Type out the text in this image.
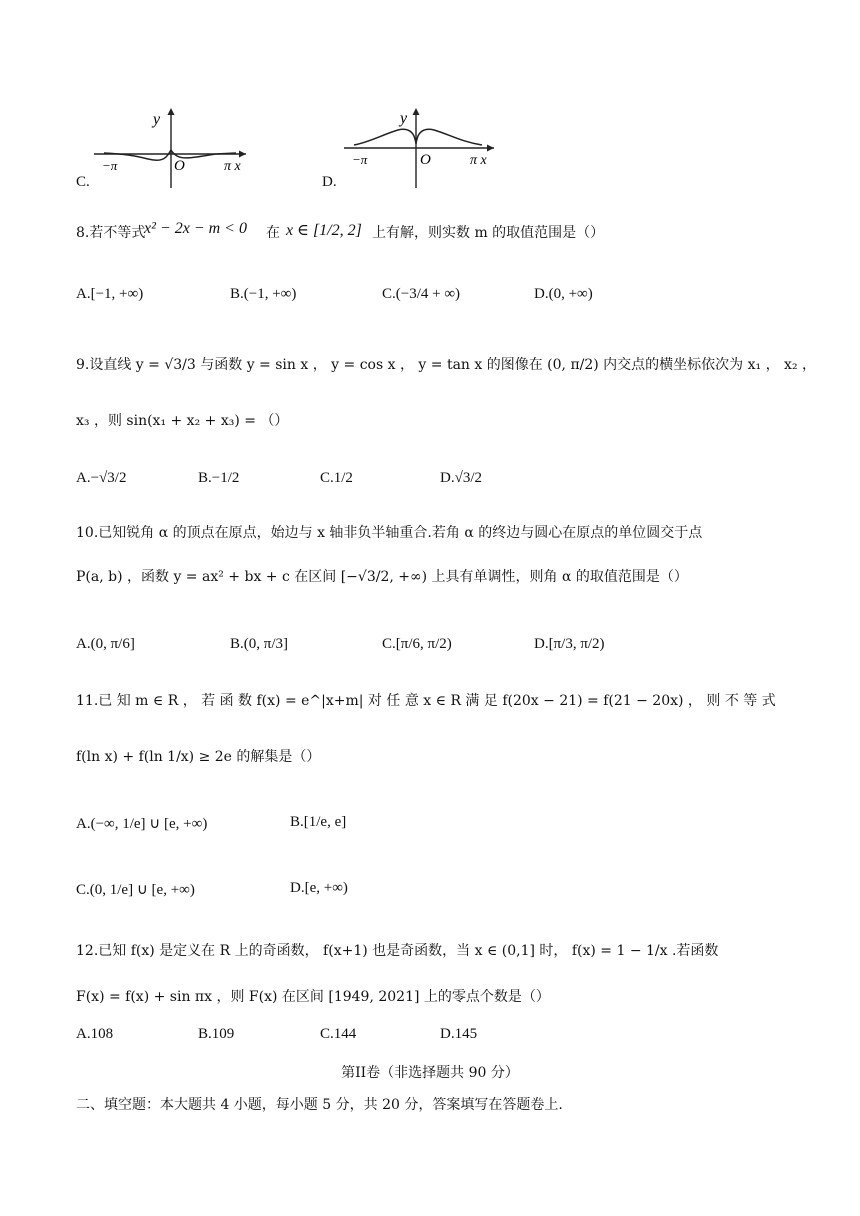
y
−π	O	π x
C.
y
−π	O	π x
D.
8.若不等式
x² − 2x − m < 0 在 x ∈ [1/2, 2] 上有解，则实数 m 的取值范围是（）
A.[−1, +∞)	B.(−1, +∞)	C.(−3/4 + ∞)	D.(0, +∞)
9.设直线 y = √3/3 与函数 y = sin x ， y = cos x ， y = tan x 的图像在 (0, π/2) 内交点的横坐标依次为 x₁ ， x₂ ，
x₃ ，则 sin(x₁ + x₂ + x₃) = （）
A.−√3/2	B.−1/2	C.1/2	D.√3/2
10.已知锐角 α 的顶点在原点，始边与 x 轴非负半轴重合.若角 α 的终边与圆心在原点的单位圆交于点
P(a, b) ，函数 y = ax² + bx + c 在区间 [−√3/2, +∞) 上具有单调性，则角 α 的取值范围是（）
A.(0, π/6]	B.(0, π/3]	C.[π/6, π/2)	D.[π/3, π/2)
11.已 知 m ∈ R ， 若 函 数 f(x) = e^|x+m| 对 任 意 x ∈ R 满 足 f(20x − 21) = f(21 − 20x) ， 则 不 等 式
f(ln x) + f(ln 1/x) ≥ 2e 的解集是（）
A.(−∞, 1/e] ∪ [e, +∞)	B.[1/e, e]
C.(0, 1/e] ∪ [e, +∞)	D.[e, +∞)
12.已知 f(x) 是定义在 R 上的奇函数， f(x+1) 也是奇函数，当 x ∈ (0,1] 时， f(x) = 1 − 1/x .若函数
F(x) = f(x) + sin πx ，则 F(x) 在区间 [1949, 2021] 上的零点个数是（）
A.108	B.109	C.144	D.145
第II卷（非选择题共 90 分）
二、填空题：本大题共 4 小题，每小题 5 分，共 20 分，答案填写在答题卷上.
